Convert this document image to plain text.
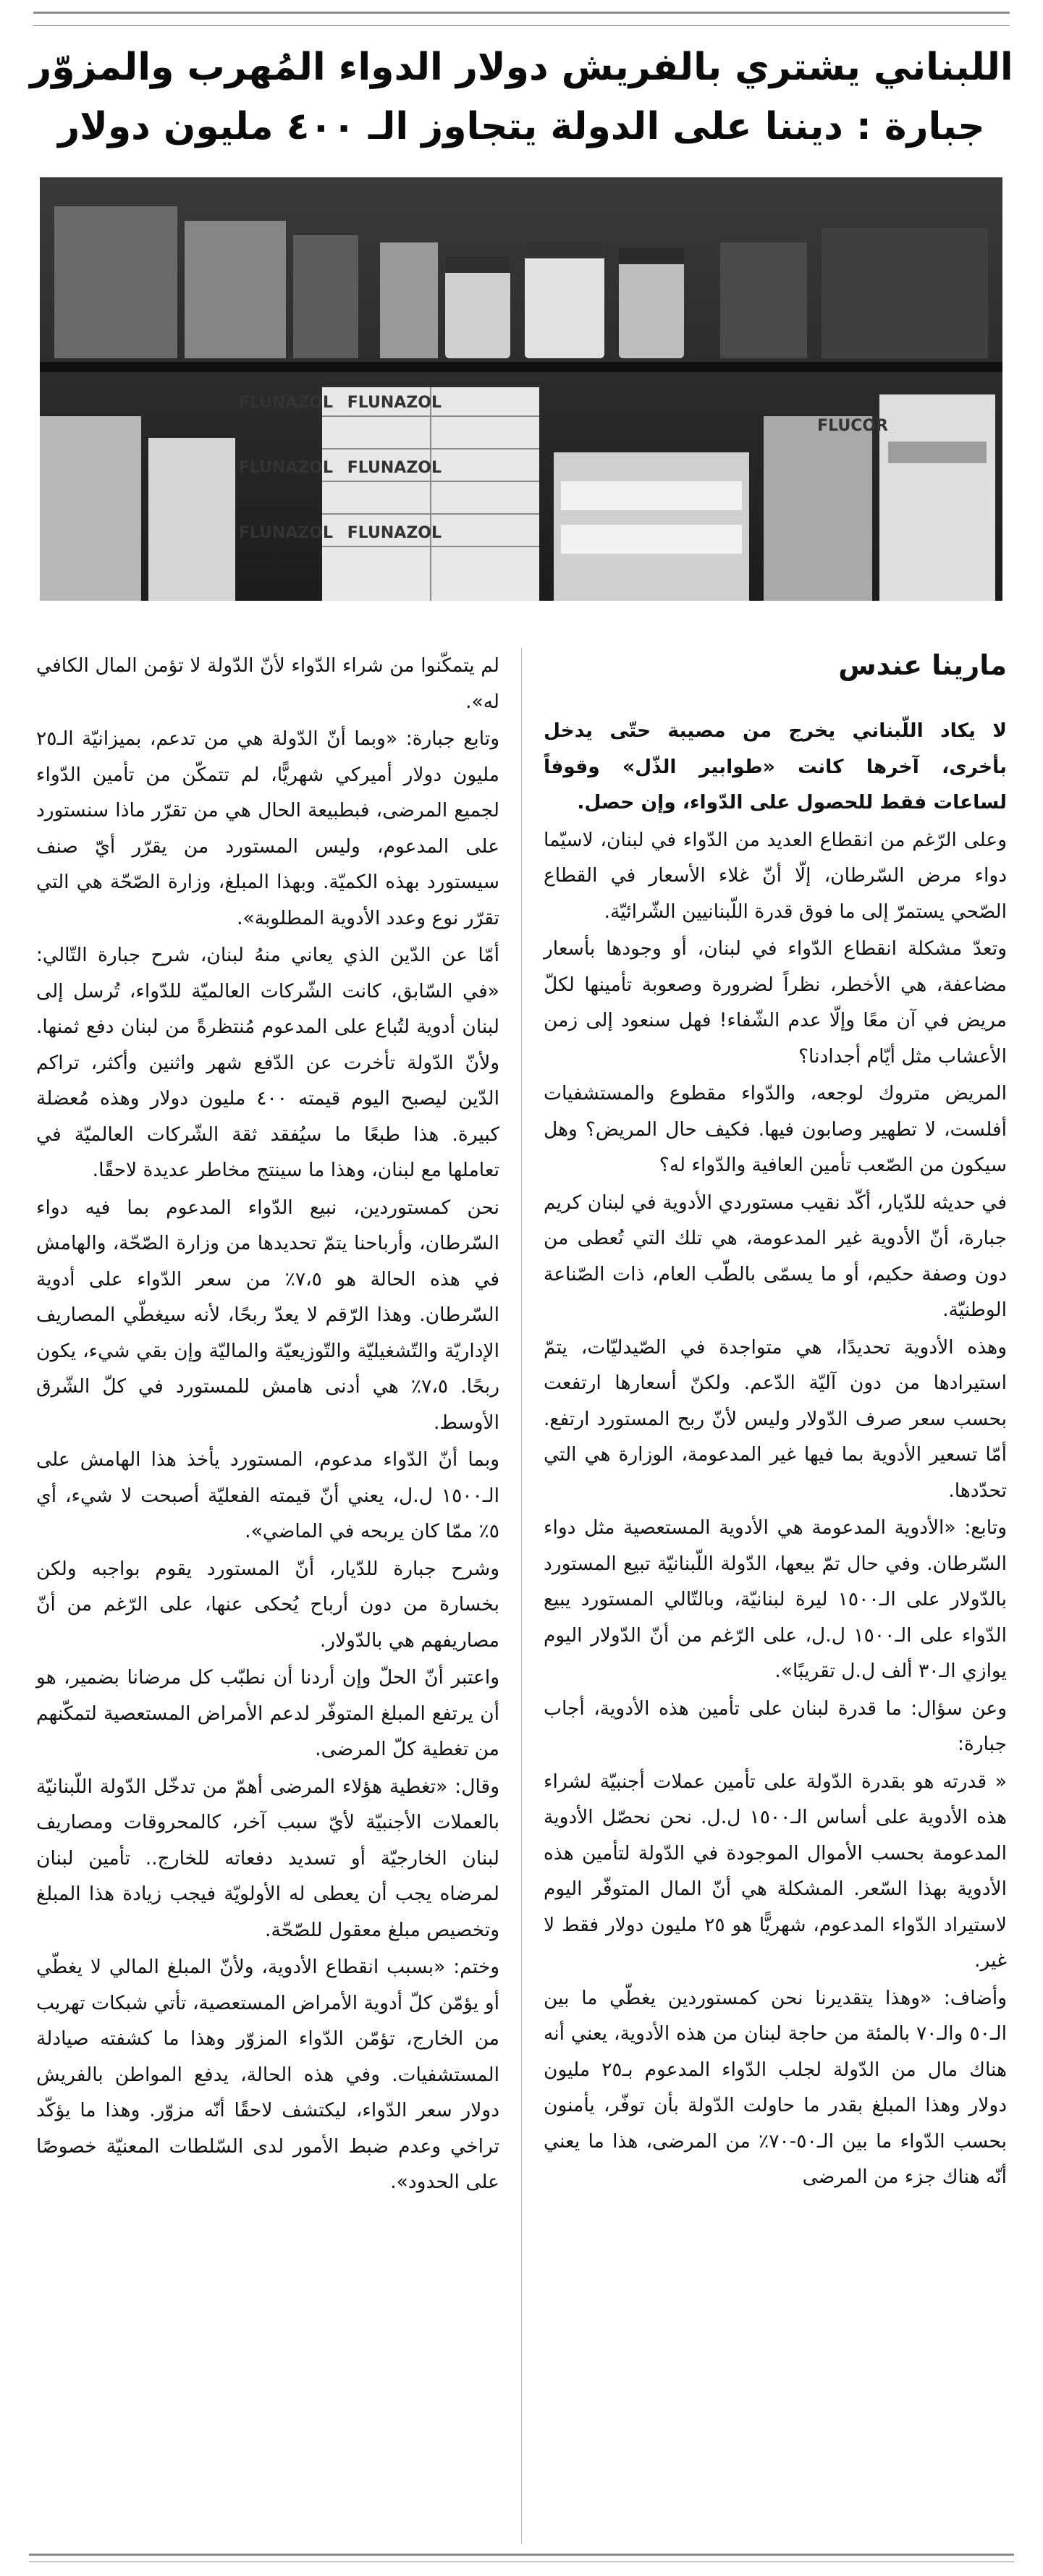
اللبناني يشتري بالفريش دولار الدواء المُهرب والمزوّر
جبارة : ديننا على الدولة يتجاوز الـ ٤٠٠ مليون دولار
FLUNAZOL FLUNAZOL
FLUNAZOL FLUNAZOL
FLUNAZOL FLUNAZOL
FLUCOR
مارينا عندس

لا يكاد اللّبناني يخرج من مصيبة حتّى يدخل بأخرى، آخرها كانت «طوابير الذّل» وقوفاً لساعات فقط للحصول على الدّواء، وإن حصل.

وعلى الرّغم من انقطاع العديد من الدّواء في لبنان، لاسيّما دواء مرض السّرطان، إلّا أنّ غلاء الأسعار في القطاع الصّحي يستمرّ إلى ما فوق قدرة اللّبنانيين الشّرائيّة.

وتعدّ مشكلة انقطاع الدّواء في لبنان، أو وجودها بأسعار مضاعفة، هي الأخطر، نظراً لضرورة وصعوبة تأمينها لكلّ مريض في آن معًا وإلّا عدم الشّفاء! فهل سنعود إلى زمن الأعشاب مثل أيّام أجدادنا؟

المريض متروك لوجعه، والدّواء مقطوع والمستشفيات أفلست، لا تطهير وصابون فيها. فكيف حال المريض؟ وهل سيكون من الصّعب تأمين العافية والدّواء له؟

في حديثه للدّيار، أكّد نقيب مستوردي الأدوية في لبنان كريم جبارة، أنّ الأدوية غير المدعومة، هي تلك التي تُعطى من دون وصفة حكيم، أو ما يسمّى بالطّب العام، ذات الصّناعة الوطنيّة.

وهذه الأدوية تحديدًا، هي متواجدة في الصّيدليّات، يتمّ استيرادها من دون آليّة الدّعم. ولكنّ أسعارها ارتفعت بحسب سعر صرف الدّولار وليس لأنّ ربح المستورد ارتفع. أمّا تسعير الأدوية بما فيها غير المدعومة، الوزارة هي التي تحدّدها.

وتابع: «الأدوية المدعومة هي الأدوية المستعصية مثل دواء السّرطان. وفي حال تمّ بيعها، الدّولة اللّبنانيّة تبيع المستورد بالدّولار على الـ١٥٠٠ ليرة لبنانيّة، وبالتّالي المستورد يبيع الدّواء على الـ١٥٠٠ ل.ل، على الرّغم من أنّ الدّولار اليوم يوازي الـ٣٠ ألف ل.ل تقريبًا».

وعن سؤال: ما قدرة لبنان على تأمين هذه الأدوية، أجاب جبارة:

« قدرته هو بقدرة الدّولة على تأمين عملات أجنبيّة لشراء هذه الأدوية على أساس الـ١٥٠٠ ل.ل. نحن نحصّل الأدوية المدعومة بحسب الأموال الموجودة في الدّولة لتأمين هذه الأدوية بهذا السّعر. المشكلة هي أنّ المال المتوفّر اليوم لاستيراد الدّواء المدعوم، شهريًّا هو ٢٥ مليون دولار فقط لا غير.

وأضاف: «وهذا يتقديرنا نحن كمستوردين يغطّي ما بين الـ٥٠ والـ٧٠ بالمئة من حاجة لبنان من هذه الأدوية، يعني أنه هناك مال من الدّولة لجلب الدّواء المدعوم بـ٢٥ مليون دولار وهذا المبلغ بقدر ما حاولت الدّولة بأن توفّر، يأمنون بحسب الدّواء ما بين الـ٥٠-٧٠٪ من المرضى، هذا ما يعني أنّه هناك جزء من المرضى

لم يتمكّنوا من شراء الدّواء لأنّ الدّولة لا تؤمن المال الكافي له».

وتابع جبارة: «وبما أنّ الدّولة هي من تدعم، بميزانيّة الـ٢٥ مليون دولار أميركي شهريًّا، لم تتمكّن من تأمين الدّواء لجميع المرضى، فبطبيعة الحال هي من تقرّر ماذا سنستورد على المدعوم، وليس المستورد من يقرّر أيّ صنف سيستورد بهذه الكميّة. وبهذا المبلغ، وزارة الصّحّة هي التي تقرّر نوع وعدد الأدوية المطلوبة».

أمّا عن الدّين الذي يعاني منهُ لبنان، شرح جبارة التّالي: «في السّابق، كانت الشّركات العالميّة للدّواء، تُرسل إلى لبنان أدوية لتُباع على المدعوم مُنتظرةً من لبنان دفع ثمنها. ولأنّ الدّولة تأخرت عن الدّفع شهر واثنين وأكثر، تراكم الدّين ليصبح اليوم قيمته ٤٠٠ مليون دولار وهذه مُعضلة كبيرة. هذا طبعًا ما سيُفقد ثقة الشّركات العالميّة في تعاملها مع لبنان، وهذا ما سينتج مخاطر عديدة لاحقًا.

نحن كمستوردين، نبيع الدّواء المدعوم بما فيه دواء السّرطان، وأرباحنا يتمّ تحديدها من وزارة الصّحّة، والهامش في هذه الحالة هو ٧،٥٪ من سعر الدّواء على أدوية السّرطان. وهذا الرّقم لا يعدّ ربحًا، لأنه سيغطّي المصاريف الإداريّة والتّشغيليّة والتّوزيعيّة والماليّة وإن بقي شيء، يكون ربحًا. ٧،٥٪ هي أدنى هامش للمستورد في كلّ الشّرق الأوسط.

وبما أنّ الدّواء مدعوم، المستورد يأخذ هذا الهامش على الـ١٥٠٠ ل.ل، يعني أنّ قيمته الفعليّة أصبحت لا شيء، أي ٥٪ ممّا كان يربحه في الماضي».

وشرح جبارة للدّيار، أنّ المستورد يقوم بواجبه ولكن بخسارة من دون أرباح يُحكى عنها، على الرّغم من أنّ مصاريفهم هي بالدّولار.

واعتبر أنّ الحلّ وإن أردنا أن نطبّب كل مرضانا بضمير، هو أن يرتفع المبلغ المتوفّر لدعم الأمراض المستعصية لتمكّنهم من تغطية كلّ المرضى.

وقال: «تغطية هؤلاء المرضى أهمّ من تدخّل الدّولة اللّبنانيّة بالعملات الأجنبيّة لأيّ سبب آخر، كالمحروقات ومصاريف لبنان الخارجيّة أو تسديد دفعاته للخارج.. تأمين لبنان لمرضاه يجب أن يعطى له الأولويّة فيجب زيادة هذا المبلغ وتخصيص مبلغ معقول للصّحّة.

وختم: «بسبب انقطاع الأدوية، ولأنّ المبلغ المالي لا يغطّي أو يؤمّن كلّ أدوية الأمراض المستعصية، تأتي شبكات تهريب من الخارج، تؤمّن الدّواء المزوّر وهذا ما كشفته صيادلة المستشفيات. وفي هذه الحالة، يدفع المواطن بالفريش دولار سعر الدّواء، ليكتشف لاحقًا أنّه مزوّر. وهذا ما يؤكّد تراخي وعدم ضبط الأمور لدى السّلطات المعنيّة خصوصًا على الحدود».
